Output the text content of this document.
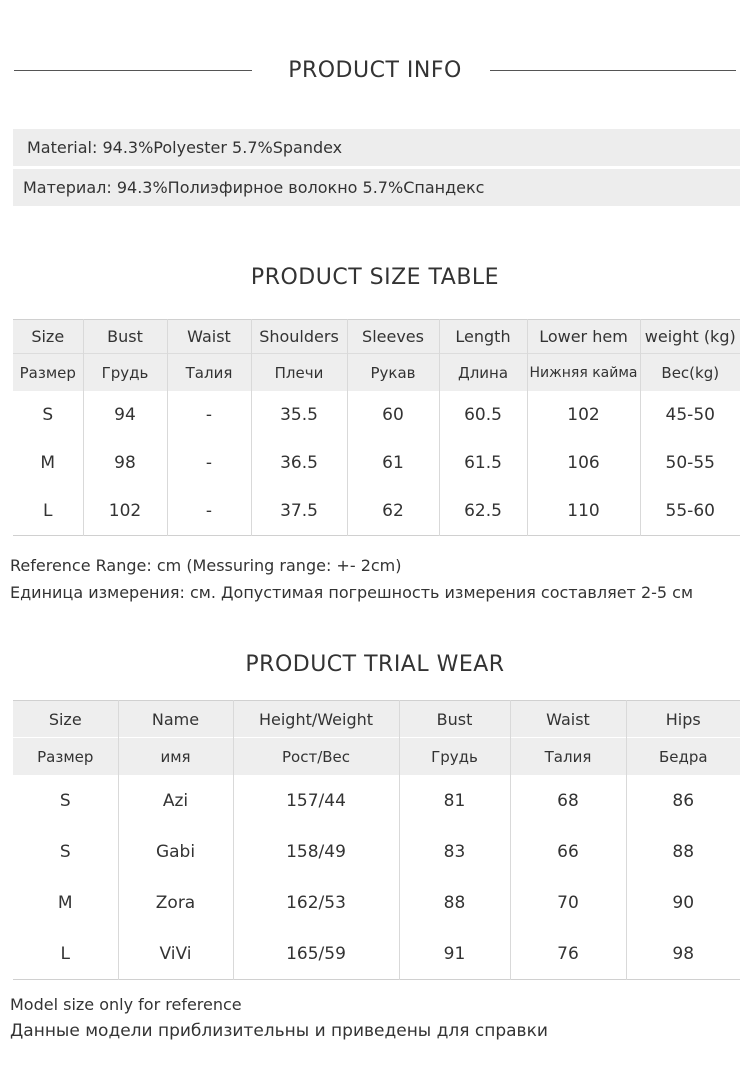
PRODUCT INFO
Material: 94.3%Polyester 5.7%Spandex
Материал: 94.3%Полиэфирное волокно 5.7%Спандекс
PRODUCT SIZE TABLE
Size	Bust	Waist	Shoulders	Sleeves	Length	Lower hem	weight (kg)
Размер	Грудь	Талия	Плечи	Рукав	Длина	Нижняя кайма	Вес(kg)
S	94	-	35.5	60	60.5	102	45-50
M	98	-	36.5	61	61.5	106	50-55
L	102	-	37.5	62	62.5	110	55-60
Reference Range: cm (Messuring range: +- 2cm)
Единица измерения: см. Допустимая погрешность измерения составляет 2-5 см
PRODUCT TRIAL WEAR
Size	Name	Height/Weight	Bust	Waist	Hips
Размер	имя	Рост/Вес	Грудь	Талия	Бедра
S	Azi	157/44	81	68	86
S	Gabi	158/49	83	66	88
M	Zora	162/53	88	70	90
L	ViVi	165/59	91	76	98
Model size only for reference
Данные модели приблизительны и приведены для справки
